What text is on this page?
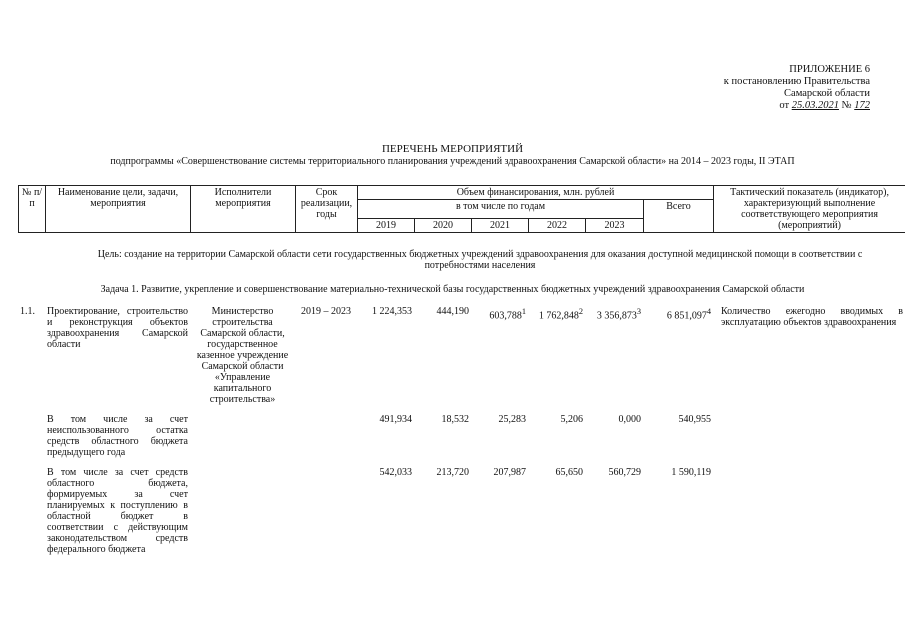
ПРИЛОЖЕНИЕ 6
к постановлению Правительства
Самарской области
от 25.03.2021 № 172
ПЕРЕЧЕНЬ МЕРОПРИЯТИЙ
подпрограммы «Совершенствование системы территориального планирования учреждений здравоохранения Самарской области» на 2014 – 2023 годы, II ЭТАП
№ п/п	Наименование цели, задачи, мероприятия	Исполнители мероприятия	Срок реализации, годы	Объем финансирования, млн. рублей						Тактический показатель (индикатор), характеризующий выполнение соответствующего мероприятия (мероприятий)
				в том числе по годам					Всего	
				2019	2020	2021	2022	2023		
Цель: создание на территории Самарской области сети государственных бюджетных учреждений здравоохранения для оказания доступной медицинской помощи в соответствии с потребностями населения
Задача 1. Развитие, укрепление и совершенствование материально-технической базы государственных бюджетных учреждений здравоохранения Самарской области
1.1.	Проектирование, строительство и реконструкция объектов здравоохранения Самарской области	Министерство строительства Самарской области, государственное казенное учреждение Самарской области «Управление капитального строительства»	2019 – 2023	1 224,353	444,190	603,788$^1$	1 762,848$^2$	3 356,873$^3$	6 851,097$^4$	Количество ежегодно вводимых в эксплуатацию объектов здравоохранения

	В том числе за счет неиспользованного остатка средств областного бюджета предыдущего года			491,934	18,532	25,283	5,206	0,000	540,955	

	В том числе за счет средств областного бюджета, формируемых за счет планируемых к поступлению в областной бюджет в соответствии с действующим законодательством средств федерального бюджета			542,033	213,720	207,987	65,650	560,729	1 590,119	
